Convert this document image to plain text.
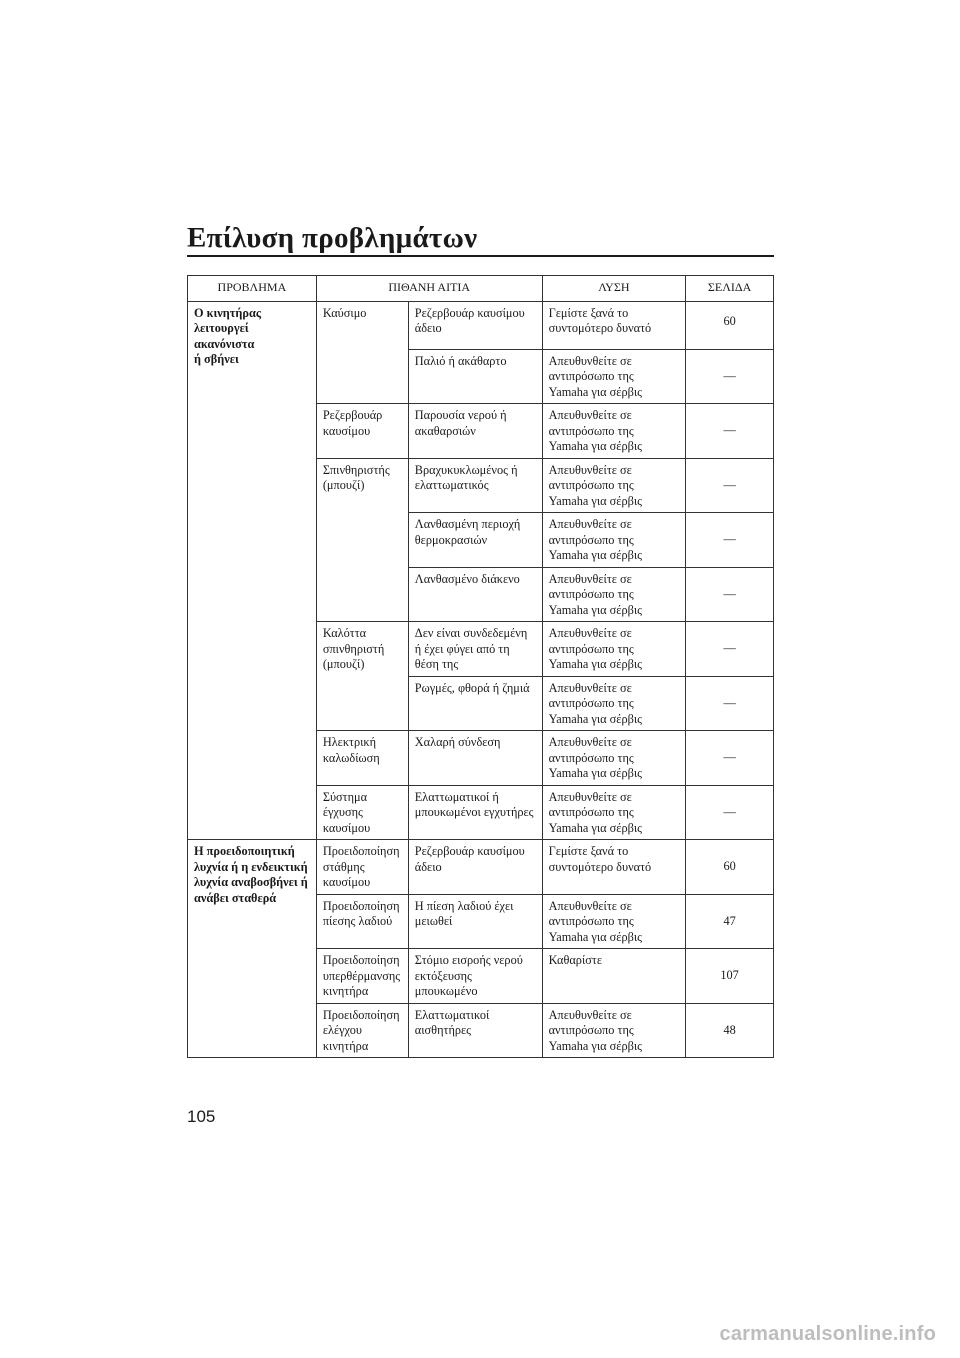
Επίλυση προβλημάτων
ΠΡΟΒΛΗΜΑ	ΠΙΘΑΝΗ ΑΙΤΙΑ		ΛΥΣΗ	ΣΕΛΙΔΑ
Ο κινητήρας
λειτουργεί ακανόνιστα
ή σβήνει	Καύσιμο	Ρεζερβουάρ καυσίμου
άδειο	Γεμίστε ξανά το
συντομότερο δυνατό	60
		Παλιό ή ακάθαρτο	Απευθυνθείτε σε
αντιπρόσωπο της
Yamaha για σέρβις	—
	Ρεζερβουάρ
καυσίμου	Παρουσία νερού ή
ακαθαρσιών	Απευθυνθείτε σε
αντιπρόσωπο της
Yamaha για σέρβις	—
	Σπινθηριστής
(μπουζί)	Βραχυκυκλωμένος ή
ελαττωματικός	Απευθυνθείτε σε
αντιπρόσωπο της
Yamaha για σέρβις	—
		Λανθασμένη περιοχή
θερμοκρασιών	Απευθυνθείτε σε
αντιπρόσωπο της
Yamaha για σέρβις	—
		Λανθασμένο διάκενο	Απευθυνθείτε σε
αντιπρόσωπο της
Yamaha για σέρβις	—
	Καλόττα
σπινθηριστή
(μπουζί)	Δεν είναι συνδεδεμένη
ή έχει φύγει από τη
θέση της	Απευθυνθείτε σε
αντιπρόσωπο της
Yamaha για σέρβις	—
		Ρωγμές, φθορά ή ζημιά	Απευθυνθείτε σε
αντιπρόσωπο της
Yamaha για σέρβις	—
	Ηλεκτρική
καλωδίωση	Χαλαρή σύνδεση	Απευθυνθείτε σε
αντιπρόσωπο της
Yamaha για σέρβις	—
	Σύστημα
έγχυσης
καυσίμου	Ελαττωματικοί ή
μπουκωμένοι εγχυτήρες	Απευθυνθείτε σε
αντιπρόσωπο της
Yamaha για σέρβις	—
Η προειδοποιητική
λυχνία ή η ενδεικτική
λυχνία αναβοσβήνει ή
ανάβει σταθερά	Προειδοποίηση
στάθμης
καυσίμου	Ρεζερβουάρ καυσίμου
άδειο	Γεμίστε ξανά το
συντομότερο δυνατό	60
	Προειδοποίηση
πίεσης λαδιού	Η πίεση λαδιού έχει
μειωθεί	Απευθυνθείτε σε
αντιπρόσωπο της
Yamaha για σέρβις	47
	Προειδοποίηση
υπερθέρμανσης
κινητήρα	Στόμιο εισροής νερού
εκτόξευσης
μπουκωμένο	Καθαρίστε	107
	Προειδοποίηση
ελέγχου
κινητήρα	Ελαττωματικοί
αισθητήρες	Απευθυνθείτε σε
αντιπρόσωπο της
Yamaha για σέρβις	48
105
carmanualsonline.info
